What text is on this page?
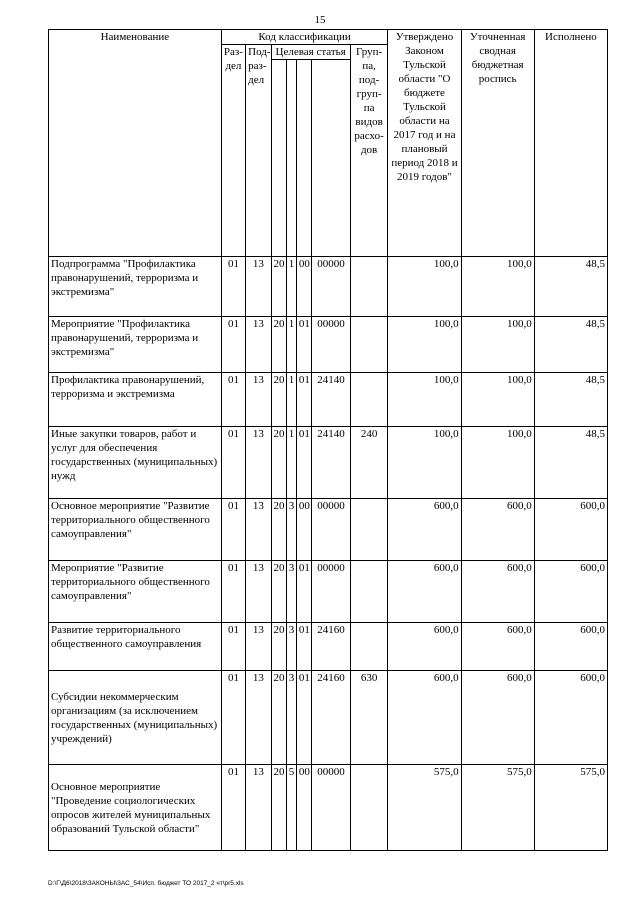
15
Наименование	Код классификации							Утверждено Законом Тульской области "О бюджете Тульской области на 2017 год и на плановый период 2018 и 2019 годов"	Уточненная сводная бюджетная роспись	Исполнено
	Раз-дел	Под-раз-дел	Целевая статья				Груп-па, под-груп-па видов расхо-дов			

Подпрограмма "Профилактика правонарушений, терроризма и экстремизма"	01	13	20	1	00	00000		100,0	100,0	48,5
Мероприятие "Профилактика правонарушений, терроризма и экстремизма"	01	13	20	1	01	00000		100,0	100,0	48,5
Профилактика правонарушений, терроризма и экстремизма	01	13	20	1	01	24140		100,0	100,0	48,5
Иные закупки товаров, работ и услуг для обеспечения государственных (муниципальных) нужд	01	13	20	1	01	24140	240	100,0	100,0	48,5
Основное мероприятие "Развитие территориального общественного самоуправления"	01	13	20	3	00	00000		600,0	600,0	600,0
Мероприятие "Развитие территориального общественного самоуправления"	01	13	20	3	01	00000		600,0	600,0	600,0
Развитие территориального общественного самоуправления	01	13	20	3	01	24160		600,0	600,0	600,0
Субсидии некоммерческим организациям (за исключением государственных (муниципальных) учреждений)	01	13	20	3	01	24160	630	600,0	600,0	600,0
Основное мероприятие "Проведение социологических опросов жителей муниципальных образований Тульской области"	01	13	20	5	00	00000		575,0	575,0	575,0
D:\Г\Д6\2018\ЗАКОНЫ\ЗАС_54\Исп. бюджет ТО 2017_2 чт\pr5.xls
